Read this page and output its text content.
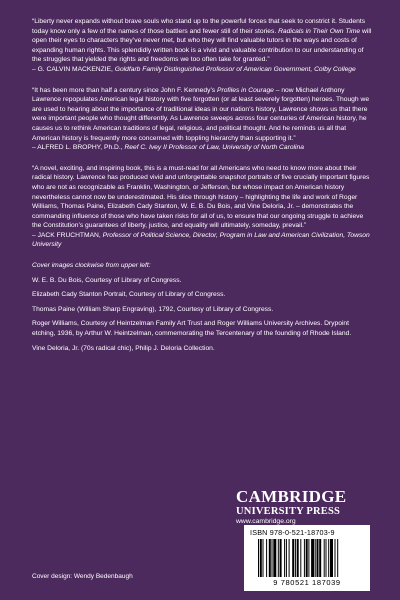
“Liberty never expands without brave souls who stand up to the powerful forces that seek to constrict it. Students today know only a few of the names of those battlers and fewer still of their stories. Radicals in Their Own Time will open their eyes to characters they’ve never met, but who they will find valuable tutors in the ways and costs of expanding human rights. This splendidly written book is a vivid and valuable contribution to our understanding of the struggles that yielded the rights and freedoms we too often take for granted.”

– G. CALVIN MACKENZIE, Goldfarb Family Distinguished Professor of American Government, Colby College

“It has been more than half a century since John F. Kennedy’s Profiles in Courage – now Michael Anthony Lawrence repopulates American legal history with five forgotten (or at least severely forgotten) heroes. Though we are used to hearing about the importance of traditional ideas in our nation’s history, Lawrence shows us that there were important people who thought differently. As Lawrence sweeps across four centuries of American history, he causes us to rethink American traditions of legal, religious, and political thought. And he reminds us all that American history is frequently more concerned with toppling hierarchy than supporting it.”

– ALFRED L. BROPHY, Ph.D., Reef C. Ivey II Professor of Law, University of North Carolina

“A novel, exciting, and inspiring book, this is a must-read for all Americans who need to know more about their radical history. Lawrence has produced vivid and unforgettable snapshot portraits of five crucially important figures who are not as recognizable as Franklin, Washington, or Jefferson, but whose impact on American history nevertheless cannot now be underestimated. His slice through history – highlighting the life and work of Roger Williams, Thomas Paine, Elizabeth Cady Stanton, W. E. B. Du Bois, and Vine Deloria, Jr. – demonstrates the commanding influence of those who have taken risks for all of us, to ensure that our ongoing struggle to achieve the Constitution’s guarantees of liberty, justice, and equality will ultimately, someday, prevail.”

– JACK FRUCHTMAN, Professor of Political Science, Director, Program in Law and American Civilization, Towson University

Cover images clockwise from upper left:

W. E. B. Du Bois, Courtesy of Library of Congress.

Elizabeth Cady Stanton Portrait, Courtesy of Library of Congress.

Thomas Paine (William Sharp Engraving), 1792, Courtesy of Library of Congress.

Roger Williams, Courtesy of Heintzelman Family Art Trust and Roger Williams University Archives. Drypoint etching, 1936, by Arthur W. Heintzelman, commemorating the Tercentenary of the founding of Rhode Island.

Vine Deloria, Jr. (70s radical chic), Philip J. Deloria Collection.

CAMBRIDGE
UNIVERSITY PRESS
www.cambridge.org
ISBN 978-0-521-18703-9
9 780521 187039
Cover design: Wendy Bedenbaugh
